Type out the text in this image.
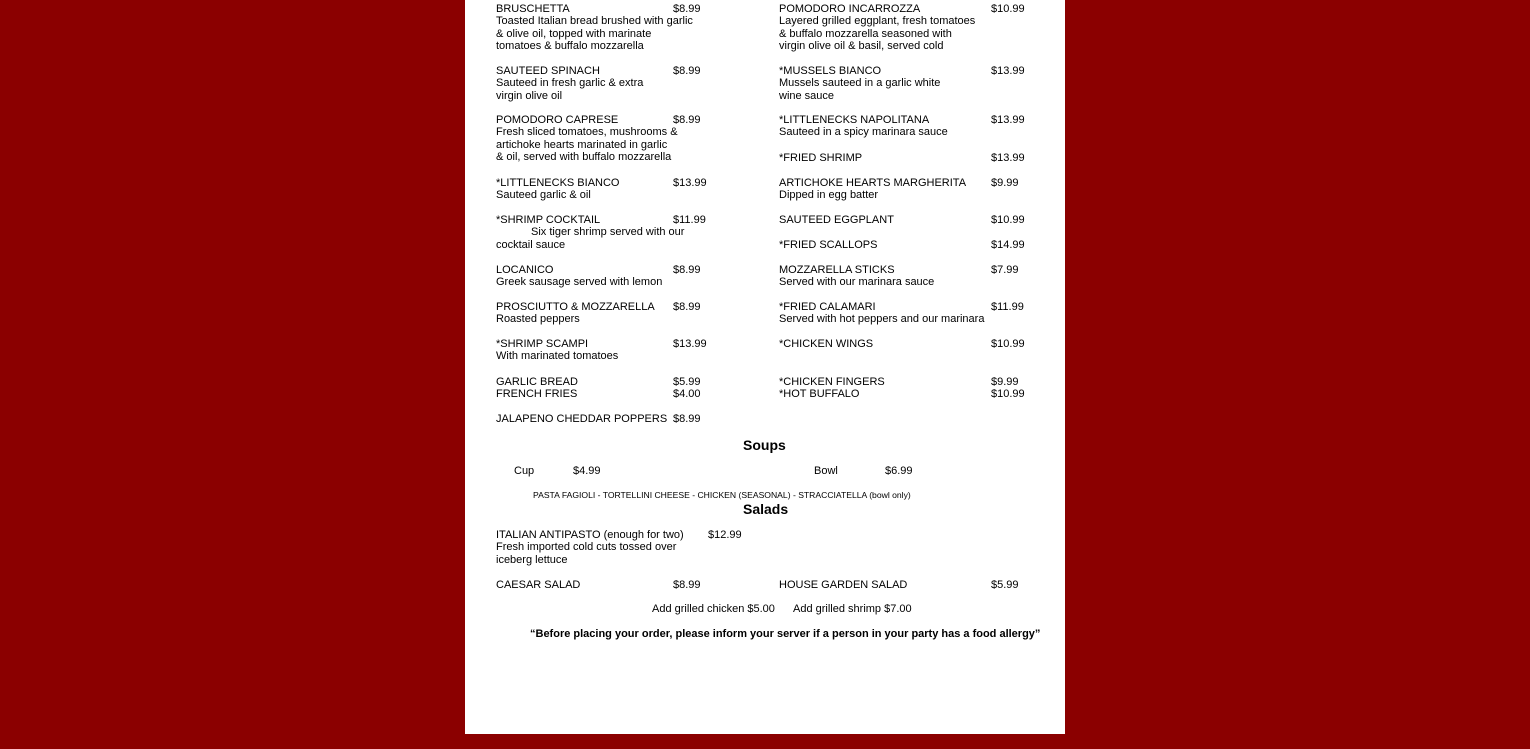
BRUSCHETTA	$8.99
Toasted Italian bread brushed with garlic
& olive oil, topped with marinate
tomatoes & buffalo mozzarella
POMODORO INCARROZZA	$10.99
Layered grilled eggplant, fresh tomatoes
& buffalo mozzarella seasoned with
virgin olive oil & basil, served cold
SAUTEED SPINACH	$8.99
Sauteed in fresh garlic & extra
virgin olive oil
*MUSSELS BIANCO	$13.99
Mussels sauteed in a garlic white
wine sauce
POMODORO CAPRESE	$8.99
Fresh sliced tomatoes, mushrooms &
artichoke hearts marinated in garlic
& oil, served with buffalo mozzarella
*LITTLENECKS NAPOLITANA	$13.99
Sauteed in a spicy marinara sauce
*FRIED SHRIMP	$13.99
*LITTLENECKS BIANCO	$13.99
Sauteed garlic & oil
ARTICHOKE HEARTS MARGHERITA $9.99
Dipped in egg batter
*SHRIMP COCKTAIL	$11.99
Six tiger shrimp served with our
cocktail sauce
SAUTEED EGGPLANT	$10.99
*FRIED SCALLOPS	$14.99
LOCANICO	$8.99
Greek sausage served with lemon
MOZZARELLA STICKS	$7.99
Served with our marinara sauce
PROSCIUTTO & MOZZARELLA $8.99
Roasted peppers
*FRIED CALAMARI	$11.99
Served with hot peppers and our marinara
*SHRIMP SCAMPI	$13.99
With marinated tomatoes
*CHICKEN WINGS	$10.99
GARLIC BREAD	$5.99
FRENCH FRIES	$4.00
*CHICKEN FINGERS	$9.99
*HOT BUFFALO	$10.99
JALAPENO CHEDDAR POPPERS $8.99
Soups
Cup	$4.99	Bowl	$6.99
PASTA FAGIOLI - TORTELLINI CHEESE - CHICKEN (SEASONAL) - STRACCIATELLA (bowl only)
Salads
ITALIAN ANTIPASTO (enough for two) $12.99
Fresh imported cold cuts tossed over
iceberg lettuce
CAESAR SALAD	$8.99	HOUSE GARDEN SALAD	$5.99
Add grilled chicken $5.00 Add grilled shrimp $7.00
“Before placing your order, please inform your server if a person in your party has a food allergy”
